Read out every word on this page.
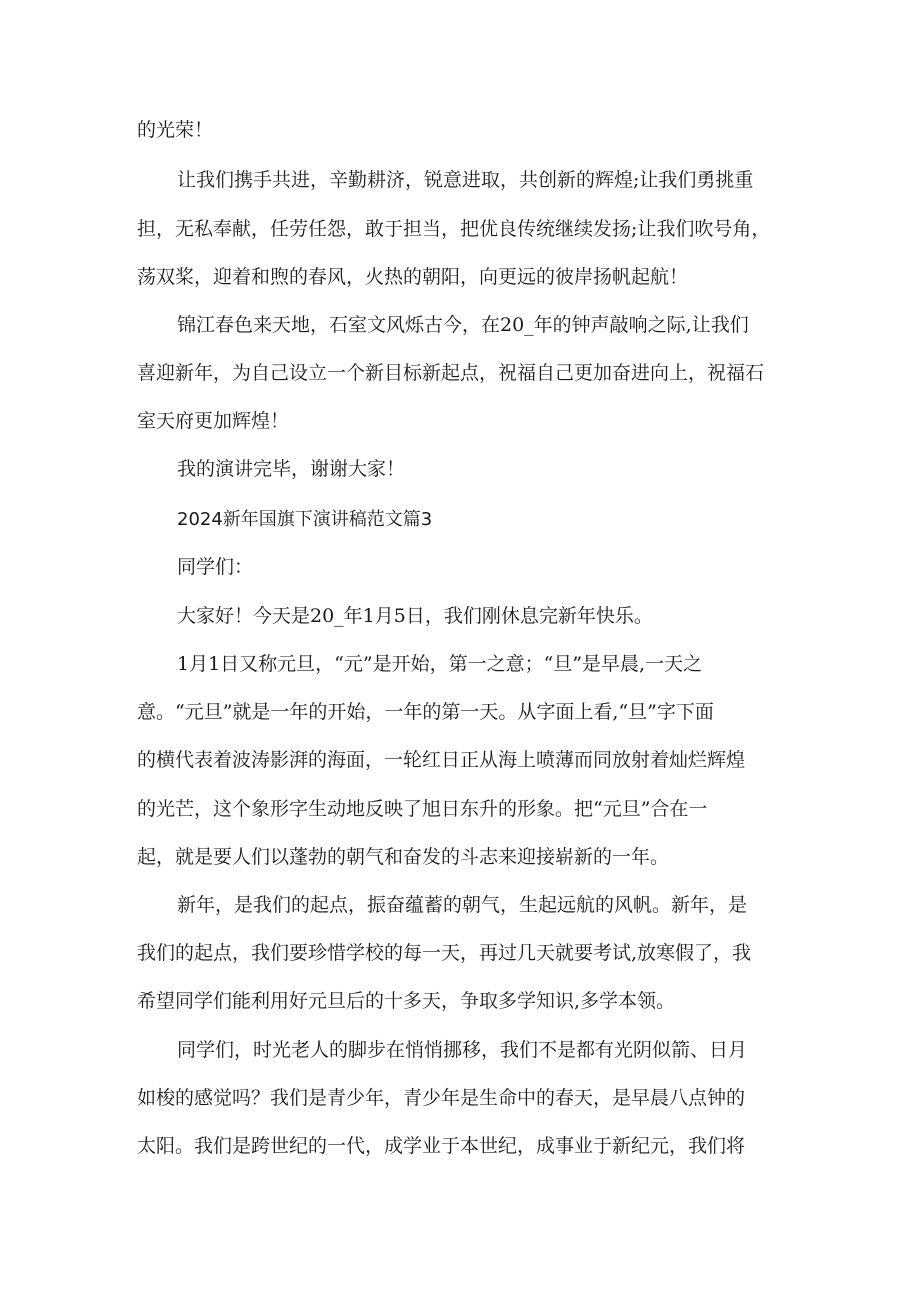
的光荣！
让我们携手共进，辛勤耕济，锐意进取，共创新的辉煌;让我们勇挑重
担，无私奉献，任劳任怨，敢于担当，把优良传统继续发扬;让我们吹号角，
荡双桨，迎着和煦的春风，火热的朝阳，向更远的彼岸扬帆起航！
锦江春色来天地，石室文风烁古今，在20_年的钟声敲响之际,让我们
喜迎新年，为自己设立一个新目标新起点，祝福自己更加奋进向上，祝福石
室天府更加辉煌！
我的演讲完毕，谢谢大家！
2024新年国旗下演讲稿范文篇3
同学们：
大家好！今天是20_年1月5日，我们刚休息完新年快乐。
1月1日又称元旦，“元”是开始，第一之意；“旦”是早晨,一天之
意。“元旦”就是一年的开始，一年的第一天。从字面上看,“旦”字下面
的横代表着波涛影湃的海面，一轮红日正从海上喷薄而同放射着灿烂辉煌
的光芒，这个象形字生动地反映了旭日东升的形象。把“元旦”合在一
起，就是要人们以蓬勃的朝气和奋发的斗志来迎接崭新的一年。
新年，是我们的起点，振奋蕴蓄的朝气，生起远航的风帆。新年，是
我们的起点，我们要珍惜学校的每一天，再过几天就要考试,放寒假了，我
希望同学们能利用好元旦后的十多天，争取多学知识,多学本领。
同学们，时光老人的脚步在悄悄挪移，我们不是都有光阴似箭、日月
如梭的感觉吗？我们是青少年，青少年是生命中的春天，是早晨八点钟的
太阳。我们是跨世纪的一代，成学业于本世纪，成事业于新纪元，我们将
